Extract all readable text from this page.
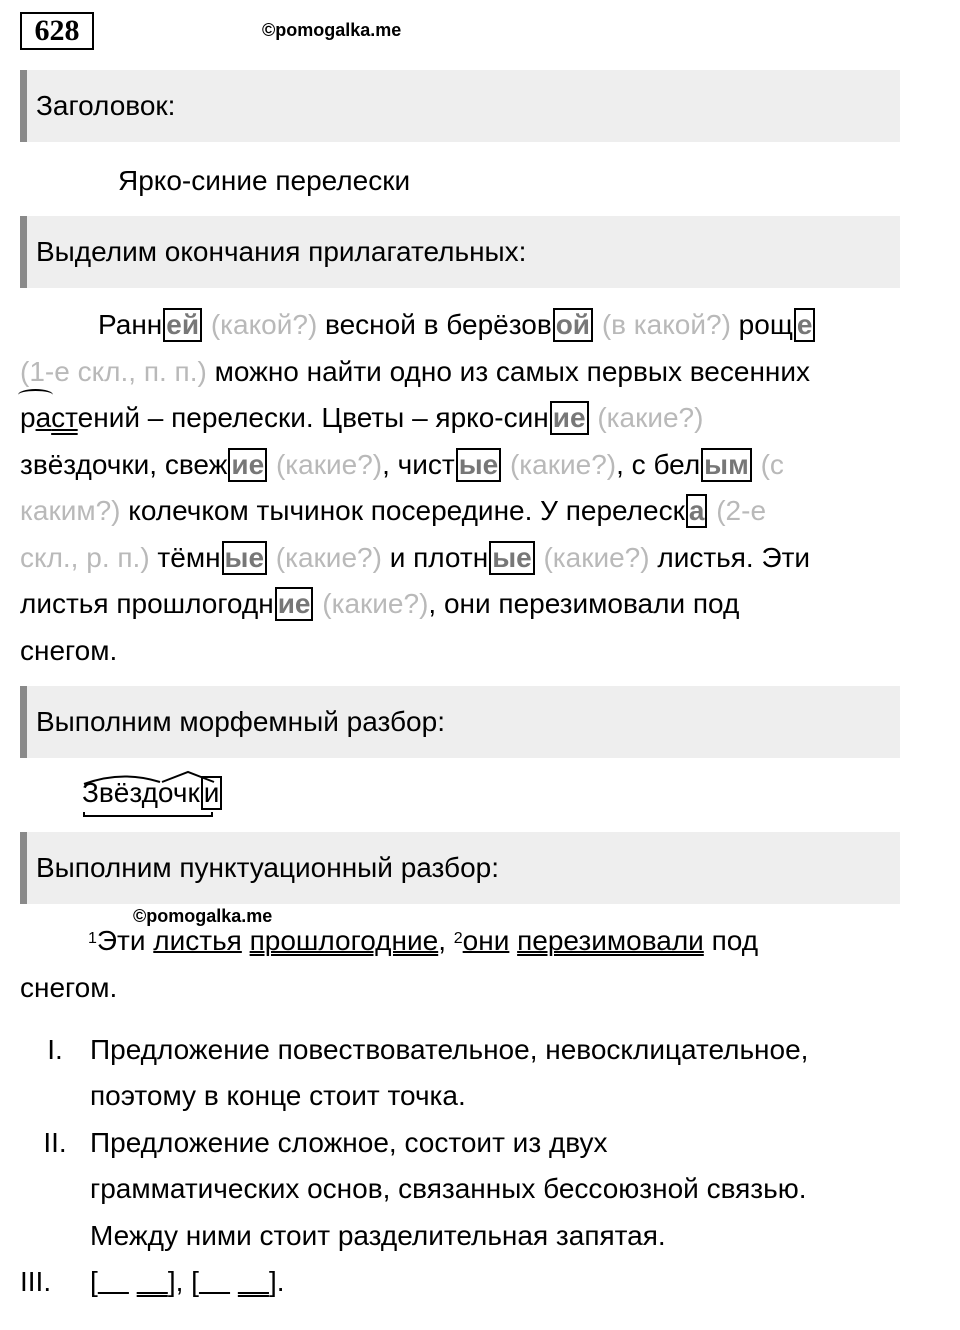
628	©pomogalka.me
Заголовок:
Ярко-синие перелески
Выделим окончания прилагательных:
Ранн ей (какой?) весной в берёзов ой (в какой?) рощ е
(1-е скл., п. п.) можно найти одно из самых первых весенних
растений – перелески. Цветы – ярко-син ие (какие?)
звёздочки, свеж ие (какие?), чист ые (какие?), с бел ым (с
каким?) колечком тычинок посередине. У перелеск а (2-е
скл., р. п.) тёмн ые (какие?) и плотн ые (какие?) листья. Эти
листья прошлогодн ие (какие?), они перезимовали под
снегом.
Выполним морфемный разбор:
Звёздочк и
Выполним пунктуационный разбор:
©pomogalka.me
$^1$Эти листья прошлогодние, $^2$они перезимовали под
снегом.
I. Предложение повествовательное, невосклицательное,
поэтому в конце стоит точка.
II. Предложение сложное, состоит из двух
грамматических основ, связанных бессоюзной связью.
Между ними стоит разделительная запятая.
III. [	], [	].
